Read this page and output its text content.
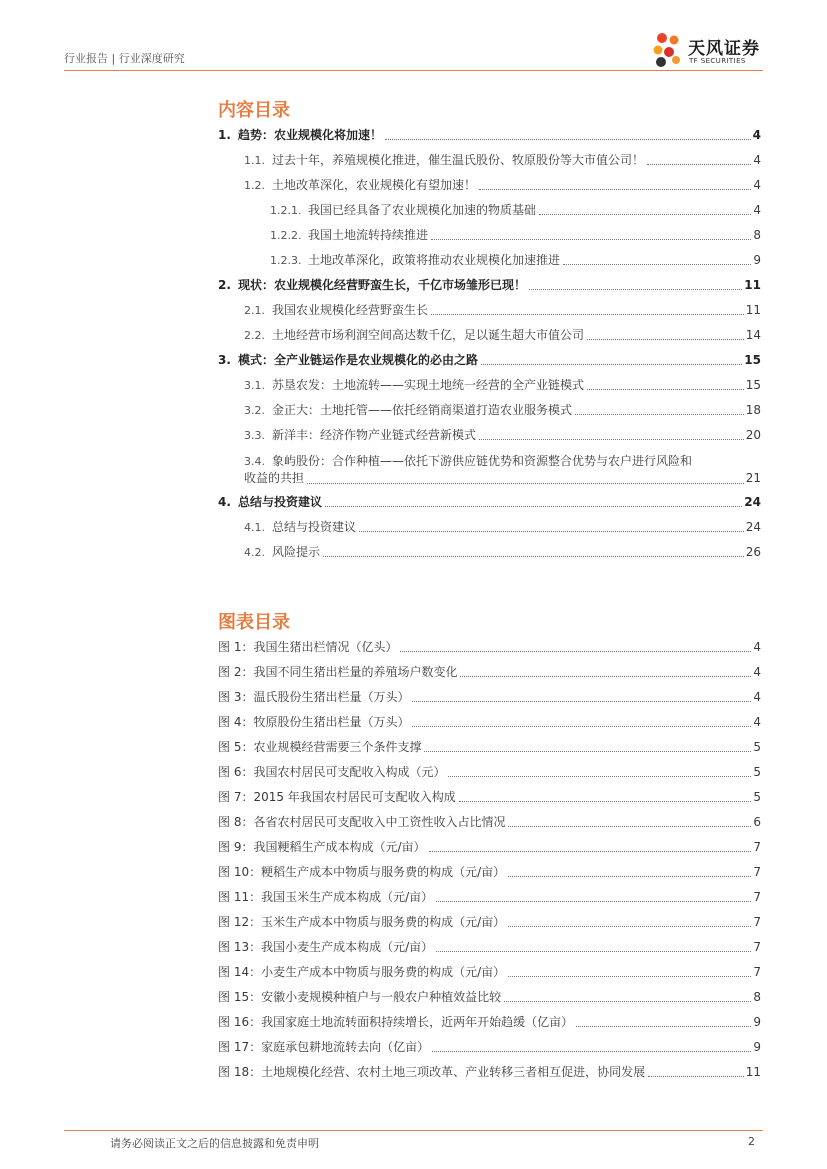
行业报告 | 行业深度研究	天风证券
TF SECURITIES
内容目录
1. 趋势：农业规模化将加速！	4
1.1. 过去十年，养殖规模化推进，催生温氏股份、牧原股份等大市值公司！	4
1.2. 土地改革深化，农业规模化有望加速！	4
1.2.1. 我国已经具备了农业规模化加速的物质基础	4
1.2.2. 我国土地流转持续推进	8
1.2.3. 土地改革深化，政策将推动农业规模化加速推进	9
2. 现状：农业规模化经营野蛮生长，千亿市场雏形已现！	11
2.1. 我国农业规模化经营野蛮生长	11
2.2. 土地经营市场利润空间高达数千亿，足以诞生超大市值公司	14
3. 模式：全产业链运作是农业规模化的必由之路	15
3.1. 苏垦农发：土地流转——实现土地统一经营的全产业链模式	15
3.2. 金正大：土地托管——依托经销商渠道打造农业服务模式	18
3.3. 新洋丰：经济作物产业链式经营新模式	20
3.4. 象屿股份：合作种植——依托下游供应链优势和资源整合优势与农户进行风险和
收益的共担	21
4. 总结与投资建议	24
4.1. 总结与投资建议	24
4.2. 风险提示	26
图表目录
图 1：我国生猪出栏情况（亿头）	4
图 2：我国不同生猪出栏量的养殖场户数变化	4
图 3：温氏股份生猪出栏量（万头）	4
图 4：牧原股份生猪出栏量（万头）	4
图 5：农业规模经营需要三个条件支撑	5
图 6：我国农村居民可支配收入构成（元）	5
图 7：2015 年我国农村居民可支配收入构成	5
图 8：各省农村居民可支配收入中工资性收入占比情况	6
图 9：我国粳稻生产成本构成（元/亩）	7
图 10：粳稻生产成本中物质与服务费的构成（元/亩）	7
图 11：我国玉米生产成本构成（元/亩）	7
图 12：玉米生产成本中物质与服务费的构成（元/亩）	7
图 13：我国小麦生产成本构成（元/亩）	7
图 14：小麦生产成本中物质与服务费的构成（元/亩）	7
图 15：安徽小麦规模种植户与一般农户种植效益比较	8
图 16：我国家庭土地流转面积持续增长，近两年开始趋缓（亿亩）	9
图 17：家庭承包耕地流转去向（亿亩）	9
图 18：土地规模化经营、农村土地三项改革、产业转移三者相互促进，协同发展	11
请务必阅读正文之后的信息披露和免责申明	2
